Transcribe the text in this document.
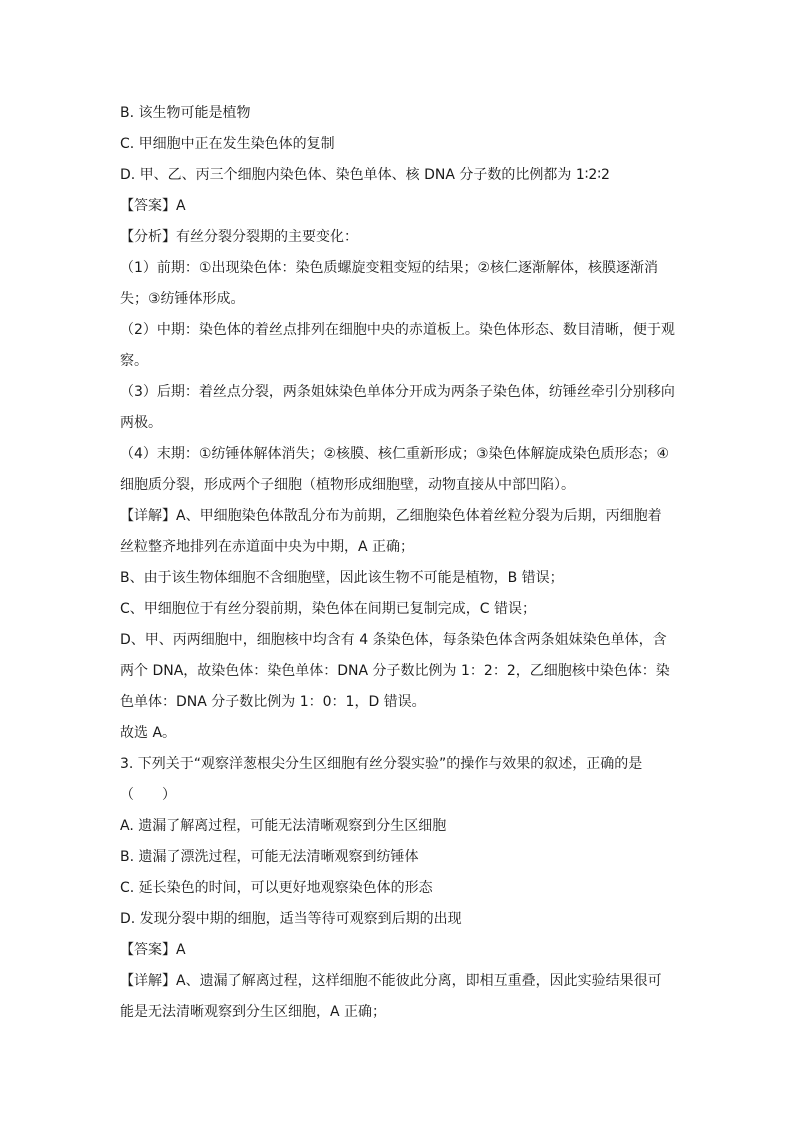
B. 该生物可能是植物

C. 甲细胞中正在发生染色体的复制

D. 甲、乙、丙三个细胞内染色体、染色单体、核 DNA 分子数的比例都为 1∶2∶2

【答案】A

【分析】有丝分裂分裂期的主要变化：

（1）前期：①出现染色体：染色质螺旋变粗变短的结果；②核仁逐渐解体，核膜逐渐消

失；③纺锤体形成。

（2）中期：染色体的着丝点排列在细胞中央的赤道板上。染色体形态、数目清晰，便于观

察。

（3）后期：着丝点分裂，两条姐妹染色单体分开成为两条子染色体，纺锤丝牵引分别移向

两极。

（4）末期：①纺锤体解体消失；②核膜、核仁重新形成；③染色体解旋成染色质形态；④

细胞质分裂，形成两个子细胞（植物形成细胞壁，动物直接从中部凹陷）。

【详解】A、甲细胞染色体散乱分布为前期，乙细胞染色体着丝粒分裂为后期，丙细胞着

丝粒整齐地排列在赤道面中央为中期，A 正确；

B、由于该生物体细胞不含细胞壁，因此该生物不可能是植物，B 错误；

C、甲细胞位于有丝分裂前期，染色体在间期已复制完成，C 错误；

D、甲、丙两细胞中，细胞核中均含有 4 条染色体，每条染色体含两条姐妹染色单体，含

两个 DNA，故染色体：染色单体：DNA 分子数比例为 1：2：2，乙细胞核中染色体：染

色单体：DNA 分子数比例为 1：0：1，D 错误。

故选 A。

3. 下列关于“观察洋葱根尖分生区细胞有丝分裂实验”的操作与效果的叙述，正确的是

（　　）

A. 遗漏了解离过程，可能无法清晰观察到分生区细胞

B. 遗漏了漂洗过程，可能无法清晰观察到纺锤体

C. 延长染色的时间，可以更好地观察染色体的形态

D. 发现分裂中期的细胞，适当等待可观察到后期的出现

【答案】A

【详解】A、遗漏了解离过程，这样细胞不能彼此分离，即相互重叠，因此实验结果很可

能是无法清晰观察到分生区细胞，A 正确；
